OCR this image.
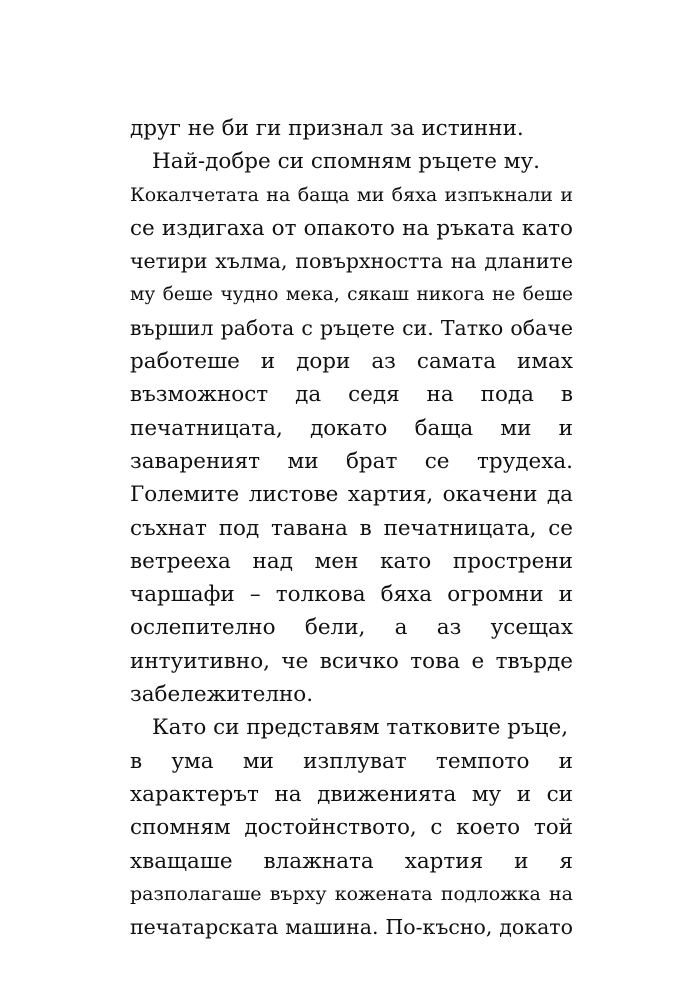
друг не би ги признал за истинни.
Най-добре си спомням ръцете му.
Кокалчетата на баща ми бяха изпъкнали и
се издигаха от опакото на ръката като
четири хълма, повърхността на дланите
му беше чудно мека, сякаш никога не беше
вършил работа с ръцете си. Татко обаче
работеше и дори аз самата имах
възможност да седя на пода в
печатницата, докато баща ми и
завареният ми брат се трудеха.
Големите листове хартия, окачени да
съхнат под тавана в печатницата, се
ветрееха над мен като прострени
чаршафи – толкова бяха огромни и
ослепително бели, а аз усещах
интуитивно, че всичко това е твърде
забележително.
Като си представям татковите ръце,
в ума ми изплуват темпото и
характерът на движенията му и си
спомням достойнството, с което той
хващаше влажната хартия и я
разполагаше върху кожената подложка на
печатарската машина. По-късно, докато
